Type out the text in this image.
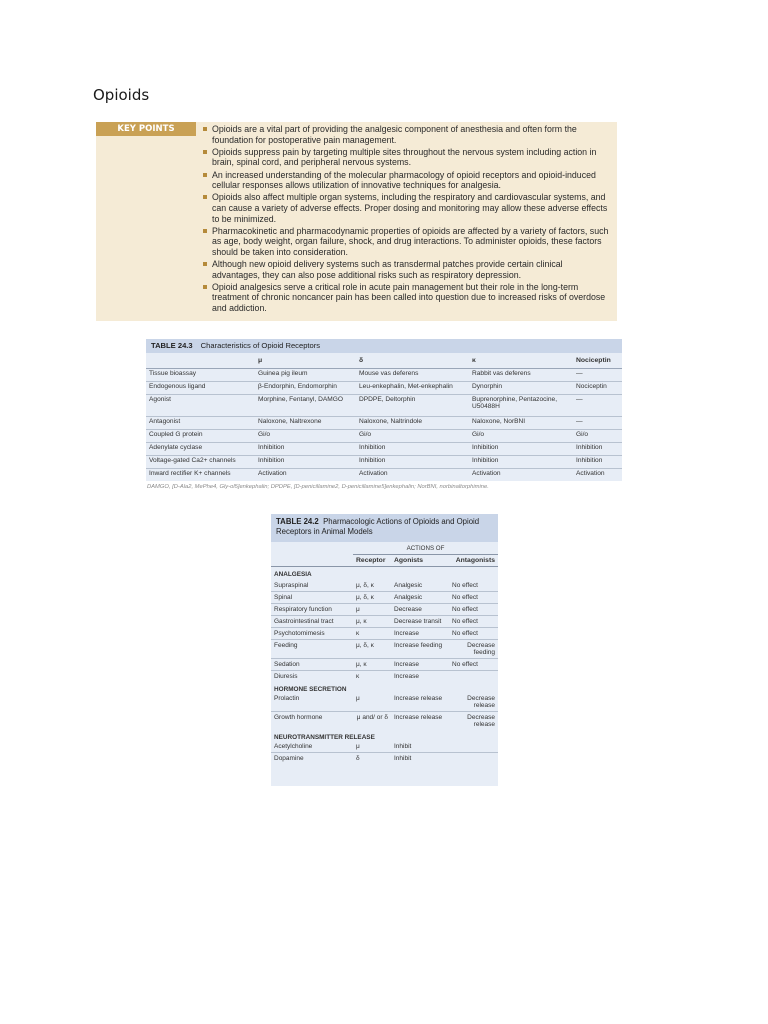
Opioids
KEY POINTS	Opioids are a vital part of providing the analgesic component of anesthesia and often form the foundation for postoperative pain management.
Opioids suppress pain by targeting multiple sites throughout the nervous system including action in brain, spinal cord, and peripheral nervous systems.
An increased understanding of the molecular pharmacology of opioid receptors and opioid-induced cellular responses allows utilization of innovative techniques for analgesia.
Opioids also affect multiple organ systems, including the respiratory and cardiovascular systems, and can cause a variety of adverse effects. Proper dosing and monitoring may allow these adverse effects to be minimized.
Pharmacokinetic and pharmacodynamic properties of opioids are affected by a variety of factors, such as age, body weight, organ failure, shock, and drug interactions. To administer opioids, these factors should be taken into consideration.
Although new opioid delivery systems such as transdermal patches provide certain clinical advantages, they can also pose additional risks such as respiratory depression.
Opioid analgesics serve a critical role in acute pain management but their role in the long-term treatment of chronic noncancer pain has been called into question due to increased risks of overdose and addiction.
TABLE 24.3 Characteristics of Opioid Receptors
	μ	δ	κ	Nociceptin
Tissue bioassay	Guinea pig ileum	Mouse vas deferens	Rabbit vas deferens	—
Endogenous ligand	β-Endorphin, Endomorphin	Leu-enkephalin, Met-enkephalin	Dynorphin	Nociceptin
Agonist	Morphine, Fentanyl, DAMGO	DPDPE, Deltorphin	Buprenorphine, Pentazocine, U50488H	—
Antagonist	Naloxone, Naltrexone	Naloxone, Naltrindole	Naloxone, NorBNI	—
Coupled G protein	Gi/o	Gi/o	Gi/o	Gi/o
Adenylate cyclase	Inhibition	Inhibition	Inhibition	Inhibition
Voltage-gated Ca2+ channels	Inhibition	Inhibition	Inhibition	Inhibition
Inward rectifier K+ channels	Activation	Activation	Activation	Activation
DAMGO, [D-Ala2, MePhe4, Gly-ol5]enkephalin; DPDPE, [D-penicillamine2, D-penicillamine5]enkephalin; NorBNI, norbinaltorphimine.
TABLE 24.2 Pharmacologic Actions of Opioids and Opioid Receptors in Animal Models
	ACTIONS OF		
	Receptor	Agonists	Antagonists
ANALGESIA			
Supraspinal	μ, δ, κ	Analgesic	No effect
Spinal	μ, δ, κ	Analgesic	No effect
Respiratory function	μ	Decrease	No effect
Gastrointestinal tract	μ, κ	Decrease transit	No effect
Psychotomimesis	κ	Increase	No effect
Feeding	μ, δ, κ	Increase feeding	Decrease feeding
Sedation	μ, κ	Increase	No effect
Diuresis	κ	Increase	
HORMONE SECRETION			
Prolactin	μ	Increase release	Decrease release
Growth hormone	μ and/ or δ	Increase release	Decrease release
NEUROTRANSMITTER RELEASE			
Acetylcholine	μ	Inhibit	
Dopamine	δ	Inhibit	
